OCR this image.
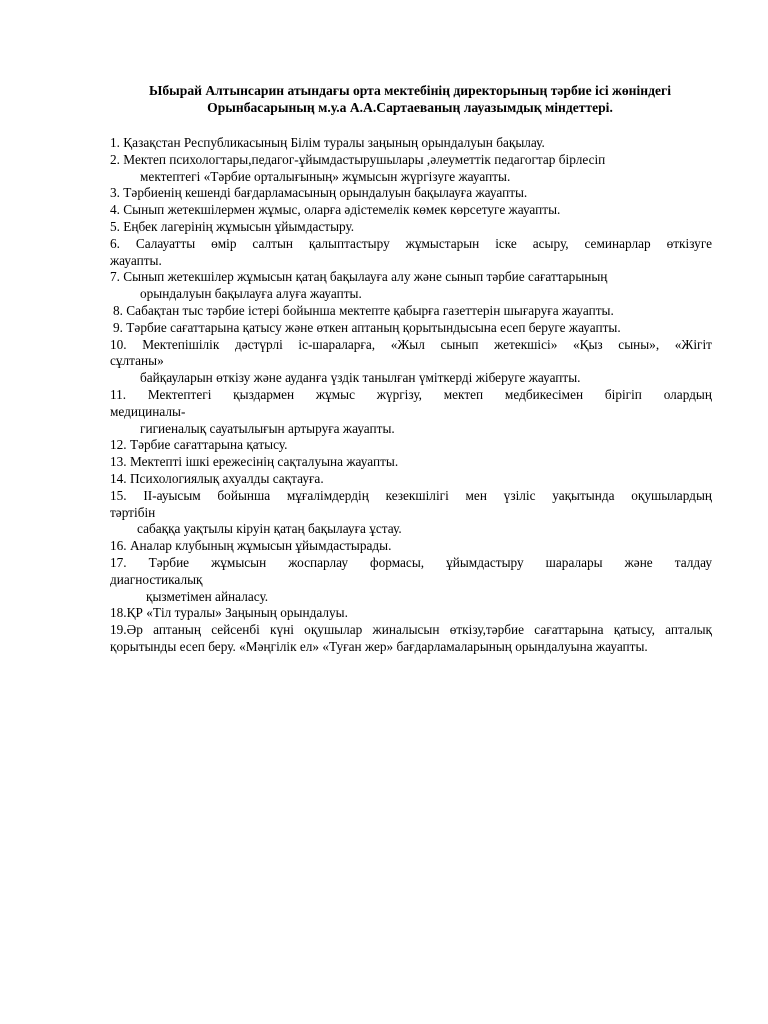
Ыбырай Алтынсарин атындағы орта мектебінің директорының тәрбие ісі жөніндегі
Орынбасарының м.у.а А.А.Сартаеваның лауазымдық міндеттері.

1. Қазақстан Республикасының Білім туралы заңының орындалуын бақылау.

2. Мектеп психологтары,педагог-ұйымдастырушылары ,әлеуметтік педагогтар бірлесіп

мектептегі «Тәрбие орталығының» жұмысын жүргізуге жауапты.

3. Тәрбиенің кешенді бағдарламасының орындалуын бақылауға жауапты.

4. Сынып жетекшілермен жұмыс, оларға әдістемелік көмек көрсетуге жауапты.

5. Еңбек лагерінің жұмысын ұйымдастыру.

6. Салауатты өмір салтын қалыптастыру жұмыстарын іске асыру, семинарлар өткізуге

жауапты.

7. Сынып жетекшілер жұмысын қатаң бақылауға алу және сынып тәрбие сағаттарының

орындалуын бақылауға алуға жауапты.

8. Сабақтан тыс тәрбие істері бойынша мектепте қабырға газеттерін шығаруға жауапты.

9. Тәрбие сағаттарына қатысу және өткен аптаның қорытындысына есеп беруге жауапты.

10. Мектепішілік дәстүрлі іс-шараларға, «Жыл сынып жетекшісі» «Қыз сыны», «Жігіт

сұлтаны»

байқауларын өткізу және ауданға үздік танылған үміткерді жіберуге жауапты.

11. Мектептегі қыздармен жұмыс жүргізу, мектеп медбикесімен бірігіп олардың

медициналы-

гигиеналық сауатылығын артыруға жауапты.

12. Тәрбие сағаттарына қатысу.

13. Мектепті ішкі ережесінің сақталуына жауапты.

14. Психологиялық ахуалды сақтауға.

15. ІІ-ауысым бойынша мұғалімдердің кезекшілігі мен үзіліс уақытында оқушылардың

тәртібін

сабаққа уақтылы кіруін қатаң бақылауға ұстау.

16. Аналар клубының жұмысын ұйымдастырады.

17. Тәрбие жұмысын жоспарлау формасы, ұйымдастыру шаралары және талдау

диагностикалық

қызметімен айналасу.

18.ҚР «Тіл туралы» Заңының орындалуы.

19.Әр аптаның сейсенбі күні оқушылар жиналысын өткізу,тәрбие сағаттарына қатысу, апталық қорытынды есеп беру. «Мәңгілік ел» «Туған жер» бағдарламаларының орындалуына жауапты.
